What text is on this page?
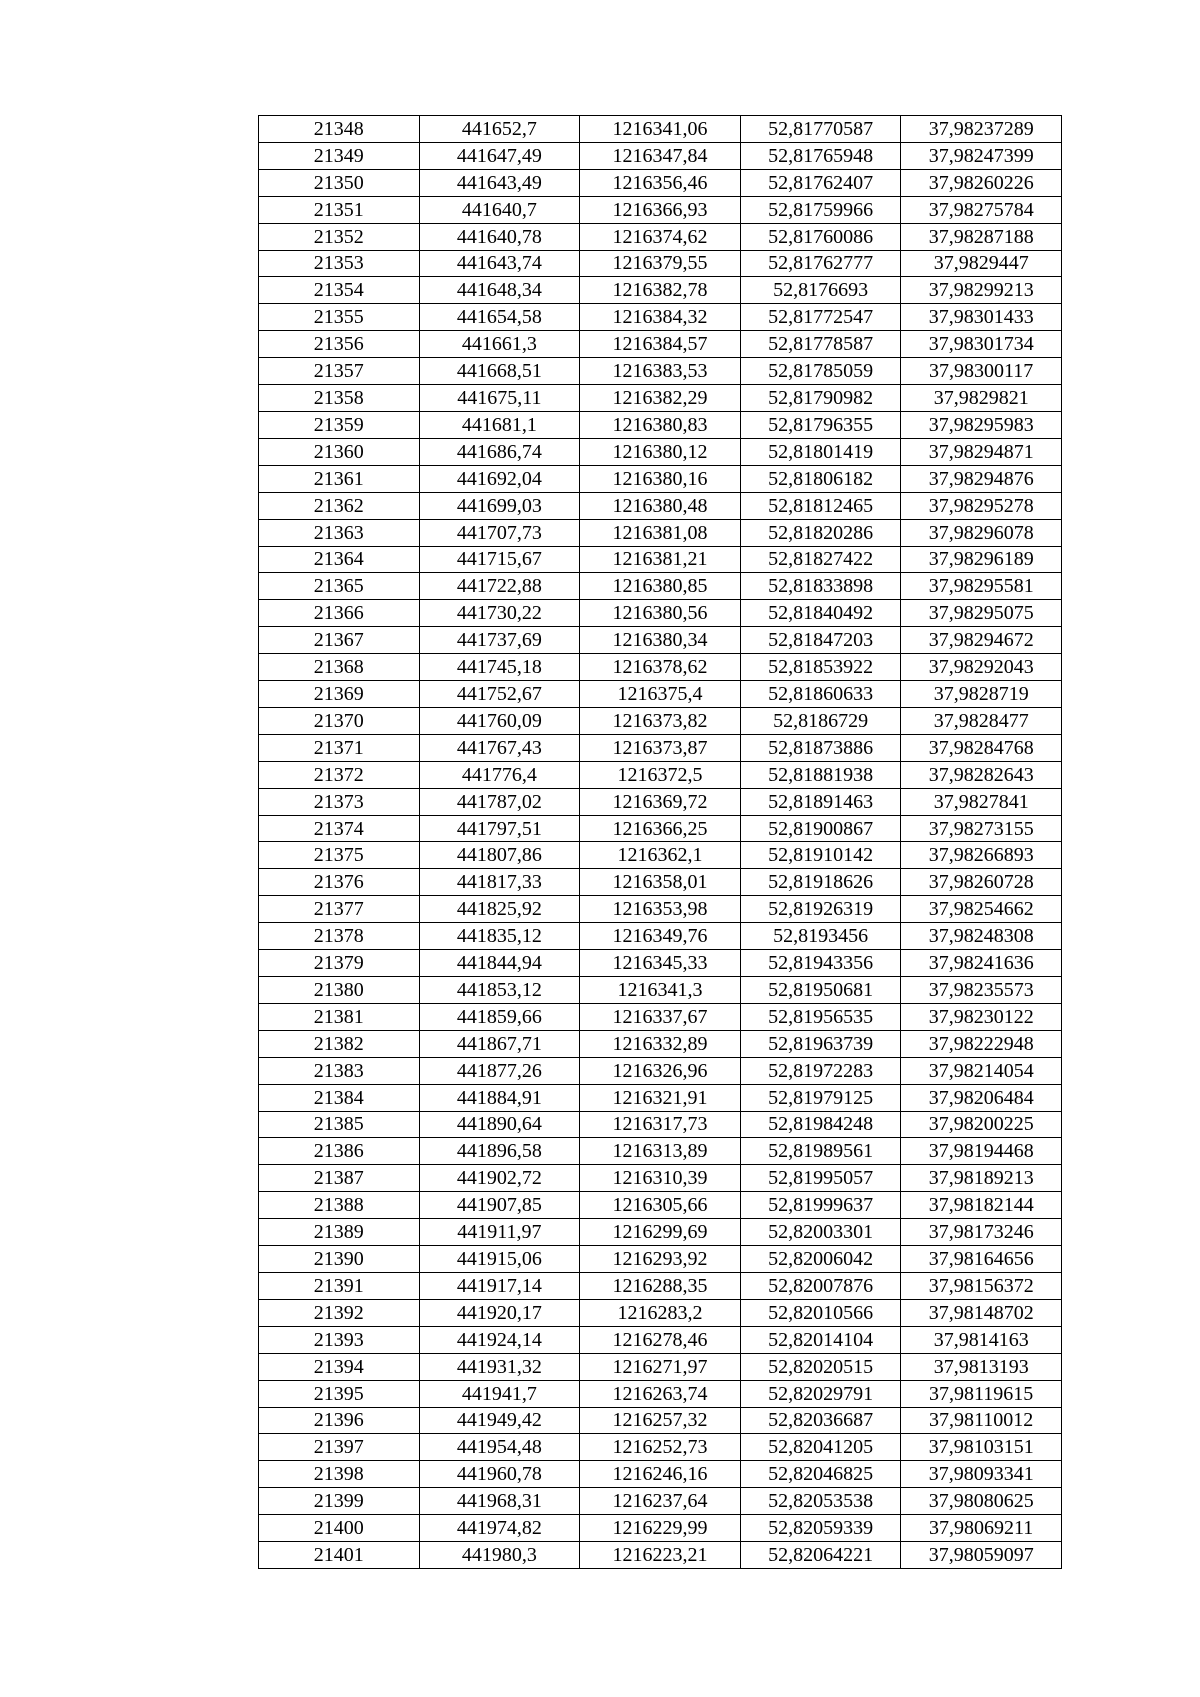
21348	441652,7	1216341,06	52,81770587	37,98237289
21349	441647,49	1216347,84	52,81765948	37,98247399
21350	441643,49	1216356,46	52,81762407	37,98260226
21351	441640,7	1216366,93	52,81759966	37,98275784
21352	441640,78	1216374,62	52,81760086	37,98287188
21353	441643,74	1216379,55	52,81762777	37,9829447
21354	441648,34	1216382,78	52,8176693	37,98299213
21355	441654,58	1216384,32	52,81772547	37,98301433
21356	441661,3	1216384,57	52,81778587	37,98301734
21357	441668,51	1216383,53	52,81785059	37,98300117
21358	441675,11	1216382,29	52,81790982	37,9829821
21359	441681,1	1216380,83	52,81796355	37,98295983
21360	441686,74	1216380,12	52,81801419	37,98294871
21361	441692,04	1216380,16	52,81806182	37,98294876
21362	441699,03	1216380,48	52,81812465	37,98295278
21363	441707,73	1216381,08	52,81820286	37,98296078
21364	441715,67	1216381,21	52,81827422	37,98296189
21365	441722,88	1216380,85	52,81833898	37,98295581
21366	441730,22	1216380,56	52,81840492	37,98295075
21367	441737,69	1216380,34	52,81847203	37,98294672
21368	441745,18	1216378,62	52,81853922	37,98292043
21369	441752,67	1216375,4	52,81860633	37,9828719
21370	441760,09	1216373,82	52,8186729	37,9828477
21371	441767,43	1216373,87	52,81873886	37,98284768
21372	441776,4	1216372,5	52,81881938	37,98282643
21373	441787,02	1216369,72	52,81891463	37,9827841
21374	441797,51	1216366,25	52,81900867	37,98273155
21375	441807,86	1216362,1	52,81910142	37,98266893
21376	441817,33	1216358,01	52,81918626	37,98260728
21377	441825,92	1216353,98	52,81926319	37,98254662
21378	441835,12	1216349,76	52,8193456	37,98248308
21379	441844,94	1216345,33	52,81943356	37,98241636
21380	441853,12	1216341,3	52,81950681	37,98235573
21381	441859,66	1216337,67	52,81956535	37,98230122
21382	441867,71	1216332,89	52,81963739	37,98222948
21383	441877,26	1216326,96	52,81972283	37,98214054
21384	441884,91	1216321,91	52,81979125	37,98206484
21385	441890,64	1216317,73	52,81984248	37,98200225
21386	441896,58	1216313,89	52,81989561	37,98194468
21387	441902,72	1216310,39	52,81995057	37,98189213
21388	441907,85	1216305,66	52,81999637	37,98182144
21389	441911,97	1216299,69	52,82003301	37,98173246
21390	441915,06	1216293,92	52,82006042	37,98164656
21391	441917,14	1216288,35	52,82007876	37,98156372
21392	441920,17	1216283,2	52,82010566	37,98148702
21393	441924,14	1216278,46	52,82014104	37,9814163
21394	441931,32	1216271,97	52,82020515	37,9813193
21395	441941,7	1216263,74	52,82029791	37,98119615
21396	441949,42	1216257,32	52,82036687	37,98110012
21397	441954,48	1216252,73	52,82041205	37,98103151
21398	441960,78	1216246,16	52,82046825	37,98093341
21399	441968,31	1216237,64	52,82053538	37,98080625
21400	441974,82	1216229,99	52,82059339	37,98069211
21401	441980,3	1216223,21	52,82064221	37,98059097
